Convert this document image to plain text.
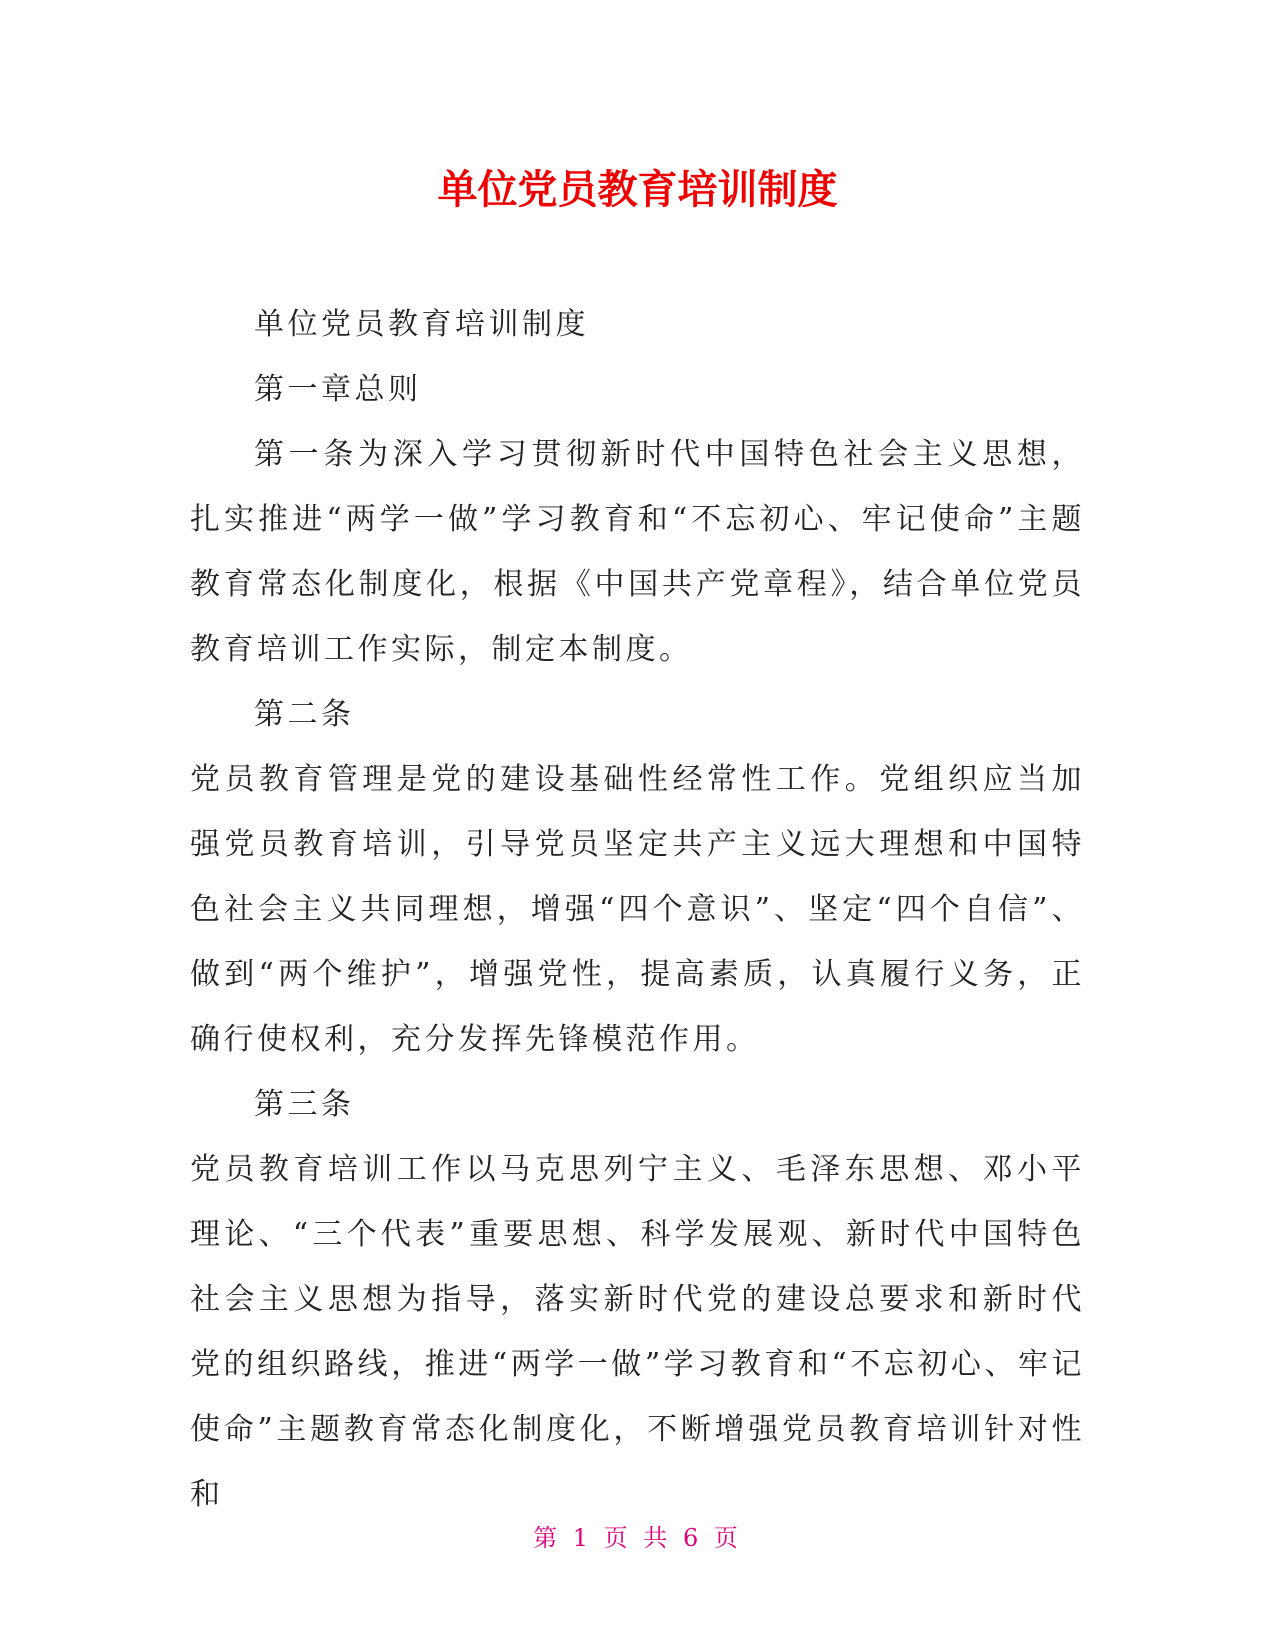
单位党员教育培训制度

单位党员教育培训制度

第一章总则

第一条为深入学习贯彻新时代中国特色社会主义思想，扎实推进“两学一做”学习教育和“不忘初心、牢记使命”主题教育常态化制度化，根据《中国共产党章程》，结合单位党员教育培训工作实际，制定本制度。

第二条

党员教育管理是党的建设基础性经常性工作。党组织应当加强党员教育培训，引导党员坚定共产主义远大理想和中国特色社会主义共同理想，增强“四个意识”、坚定“四个自信”、做到“两个维护”，增强党性，提高素质，认真履行义务，正确行使权利，充分发挥先锋模范作用。

第三条

党员教育培训工作以马克思列宁主义、毛泽东思想、邓小平理论、“三个代表”重要思想、科学发展观、新时代中国特色社会主义思想为指导，落实新时代党的建设总要求和新时代党的组织路线，推进“两学一做”学习教育和“不忘初心、牢记使命”主题教育常态化制度化，不断增强党员教育培训针对性和

第 1 页 共 6 页
